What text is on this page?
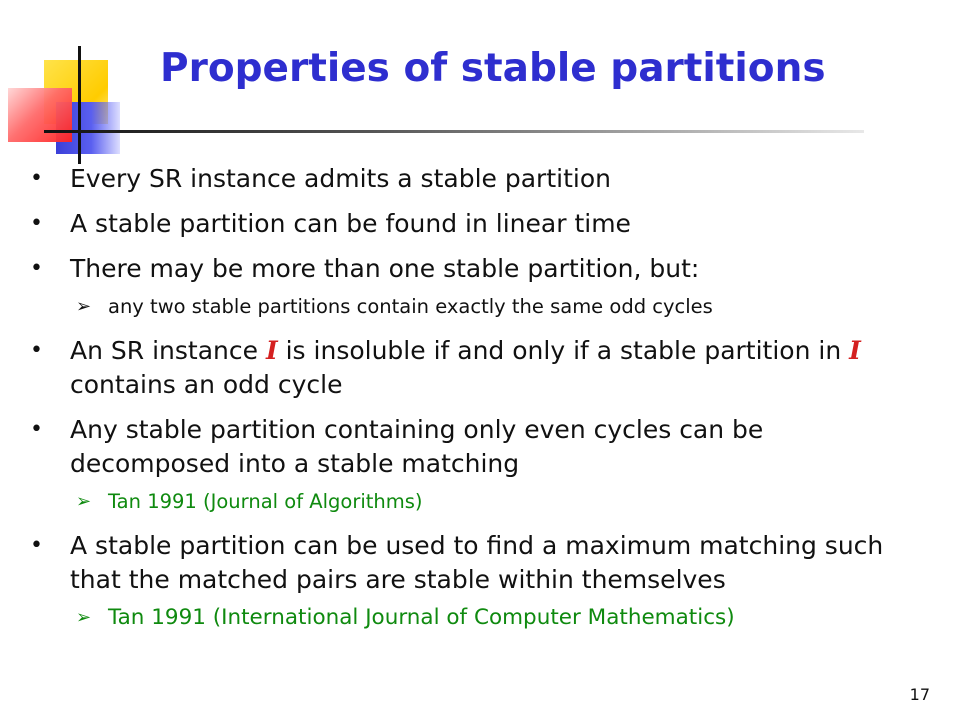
Properties of stable partitions
• Every SR instance admits a stable partition
• A stable partition can be found in linear time
• There may be more than one stable partition, but:
➢ any two stable partitions contain exactly the same odd cycles
• An SR instance I is insoluble if and only if a stable partition in I contains an odd cycle
• Any stable partition containing only even cycles can be decomposed into a stable matching
➢ Tan 1991 (Journal of Algorithms)
• A stable partition can be used to find a maximum matching such that the matched pairs are stable within themselves
➢ Tan 1991 (International Journal of Computer Mathematics)
17
